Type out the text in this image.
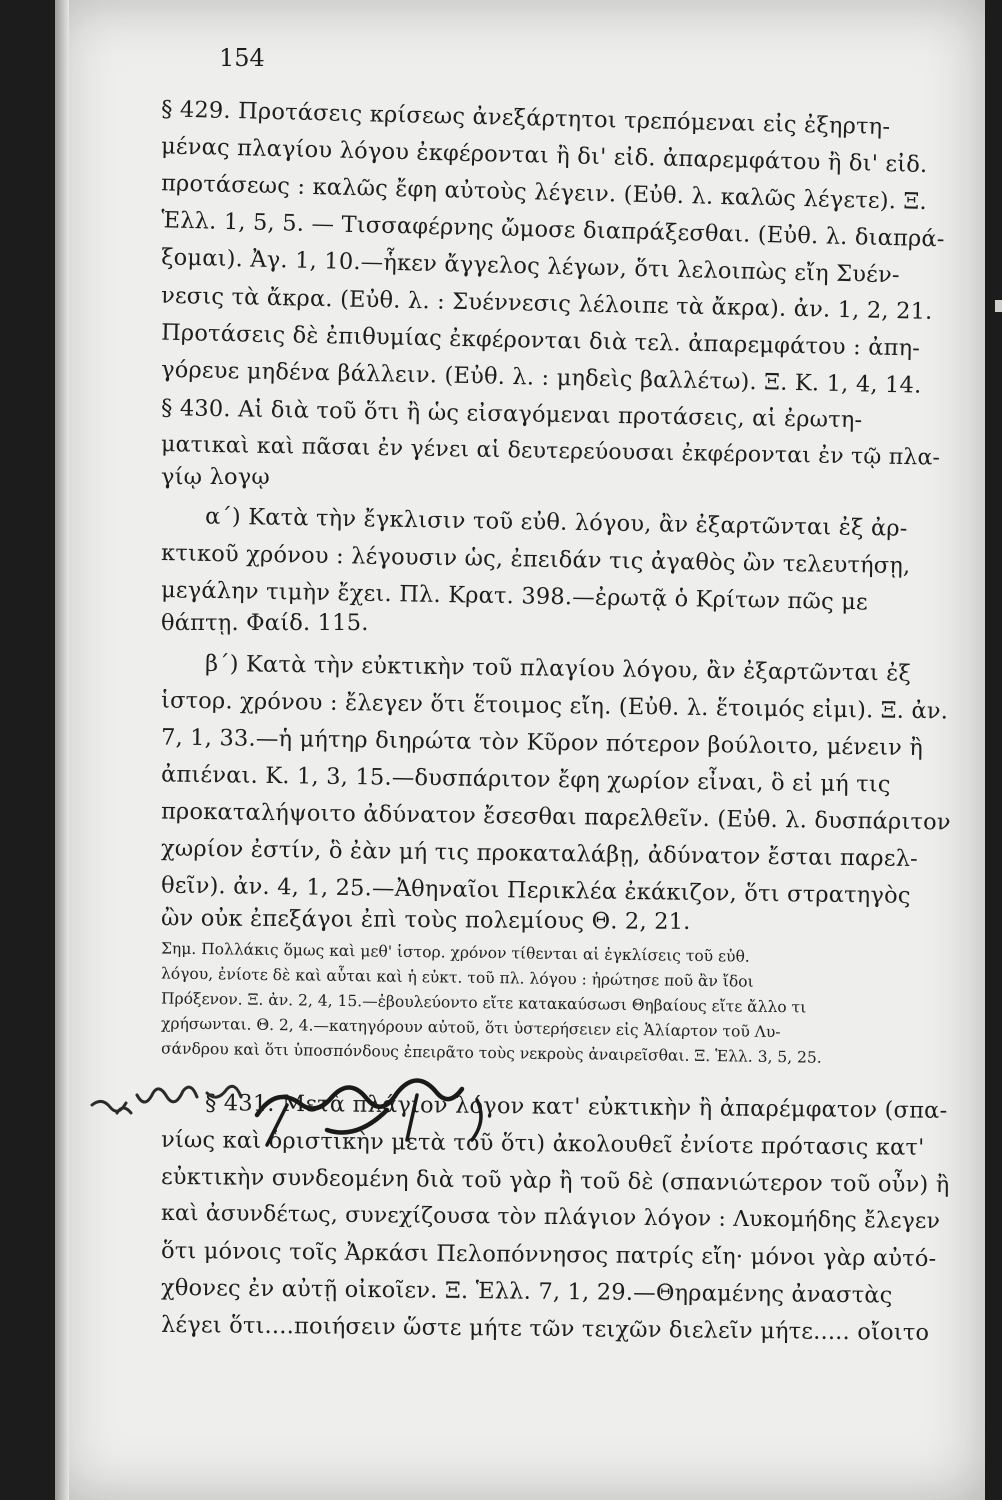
154
§ 429. Προτάσεις κρίσεως ἀνεξάρτητοι τρεπόμεναι εἰς ἐξηρτη-
μένας πλαγίου λόγου ἐκφέρονται ἢ δι' εἰδ. ἀπαρεμφάτου ἢ δι' εἰδ.
προτάσεως : καλῶς ἔφη αὐτοὺς λέγειν. (Εὐθ. λ. καλῶς λέγετε). Ξ.
Ἑλλ. 1, 5, 5. — Τισσαφέρνης ὤμοσε διαπράξεσθαι. (Εὐθ. λ. διαπρά-
ξομαι). Ἀγ. 1, 10.—ἧκεν ἄγγελος λέγων, ὅτι λελοιπὼς εἴη Συέν-
νεσις τὰ ἄκρα. (Εὐθ. λ. : Συέννεσις λέλοιπε τὰ ἄκρα). ἀν. 1, 2, 21.
Προτάσεις δὲ ἐπιθυμίας ἐκφέρονται διὰ τελ. ἀπαρεμφάτου : ἀπη-
γόρευε μηδένα βάλλειν. (Εὐθ. λ. : μηδεὶς βαλλέτω). Ξ. Κ. 1, 4, 14.
§ 430. Αἱ διὰ τοῦ ὅτι ἢ ὡς εἰσαγόμεναι προτάσεις, αἱ ἐρωτη-
ματικαὶ καὶ πᾶσαι ἐν γένει αἱ δευτερεύουσαι ἐκφέρονται ἐν τῷ πλα-
γίῳ λογῳ
α΄) Κατὰ τὴν ἔγκλισιν τοῦ εὐθ. λόγου, ἂν ἐξαρτῶνται ἐξ ἀρ-
κτικοῦ χρόνου : λέγουσιν ὡς, ἐπειδάν τις ἀγαθὸς ὢν τελευτήσῃ,
μεγάλην τιμὴν ἔχει. Πλ. Κρατ. 398.—ἐρωτᾷ ὁ Κρίτων πῶς με
θάπτῃ. Φαίδ. 115.
β΄) Κατὰ τὴν εὐκτικὴν τοῦ πλαγίου λόγου, ἂν ἐξαρτῶνται ἐξ
ἱστορ. χρόνου : ἔλεγεν ὅτι ἕτοιμος εἴη. (Εὐθ. λ. ἕτοιμός εἰμι). Ξ. ἀν.
7, 1, 33.—ἡ μήτηρ διηρώτα τὸν Κῦρον πότερον βούλοιτο, μένειν ἢ
ἀπιέναι. Κ. 1, 3, 15.—δυσπάριτον ἔφη χωρίον εἶναι, ὃ εἰ μή τις
προκαταλήψοιτο ἀδύνατον ἔσεσθαι παρελθεῖν. (Εὐθ. λ. δυσπάριτον
χωρίον ἐστίν, ὃ ἐὰν μή τις προκαταλάβῃ, ἀδύνατον ἔσται παρελ-
θεῖν). ἀν. 4, 1, 25.—Ἀθηναῖοι Περικλέα ἐκάκιζον, ὅτι στρατηγὸς
ὢν οὐκ ἐπεξάγοι ἐπὶ τοὺς πολεμίους Θ. 2, 21.
Σημ. Πολλάκις ὅμως καὶ μεθ' ἱστορ. χρόνον τίθενται αἱ ἐγκλίσεις τοῦ εὐθ.
λόγου, ἐνίοτε δὲ καὶ αὗται καὶ ἡ εὐκτ. τοῦ πλ. λόγου : ἠρώτησε ποῦ ἂν ἴδοι
Πρόξενον. Ξ. ἀν. 2, 4, 15.—ἐβουλεύοντο εἴτε κατακαύσωσι Θηβαίους εἴτε ἄλλο τι
χρήσωνται. Θ. 2, 4.—κατηγόρουν αὐτοῦ, ὅτι ὑστερήσειεν εἰς Ἁλίαρτον τοῦ Λυ-
σάνδρου καὶ ὅτι ὑποσπόνδους ἐπειρᾶτο τοὺς νεκροὺς ἀναιρεῖσθαι. Ξ. Ἑλλ. 3, 5, 25.
§ 431. Μετὰ πλάγιον λόγον κατ' εὐκτικὴν ἢ ἀπαρέμφατον (σπα-
νίως καὶ ὁριστικὴν μετὰ τοῦ ὅτι) ἀκολουθεῖ ἐνίοτε πρότασις κατ'
εὐκτικὴν συνδεομένη διὰ τοῦ γὰρ ἢ τοῦ δὲ (σπανιώτερον τοῦ οὖν) ἢ
καὶ ἀσυνδέτως, συνεχίζουσα τὸν πλάγιον λόγον : Λυκομήδης ἔλεγεν
ὅτι μόνοις τοῖς Ἀρκάσι Πελοπόννησος πατρίς εἴη· μόνοι γὰρ αὐτό-
χθονες ἐν αὐτῇ οἰκοῖεν. Ξ. Ἑλλ. 7, 1, 29.—Θηραμένης ἀναστὰς
λέγει ὅτι....ποιήσειν ὥστε μήτε τῶν τειχῶν διελεῖν μήτε..... οἴοιτο
